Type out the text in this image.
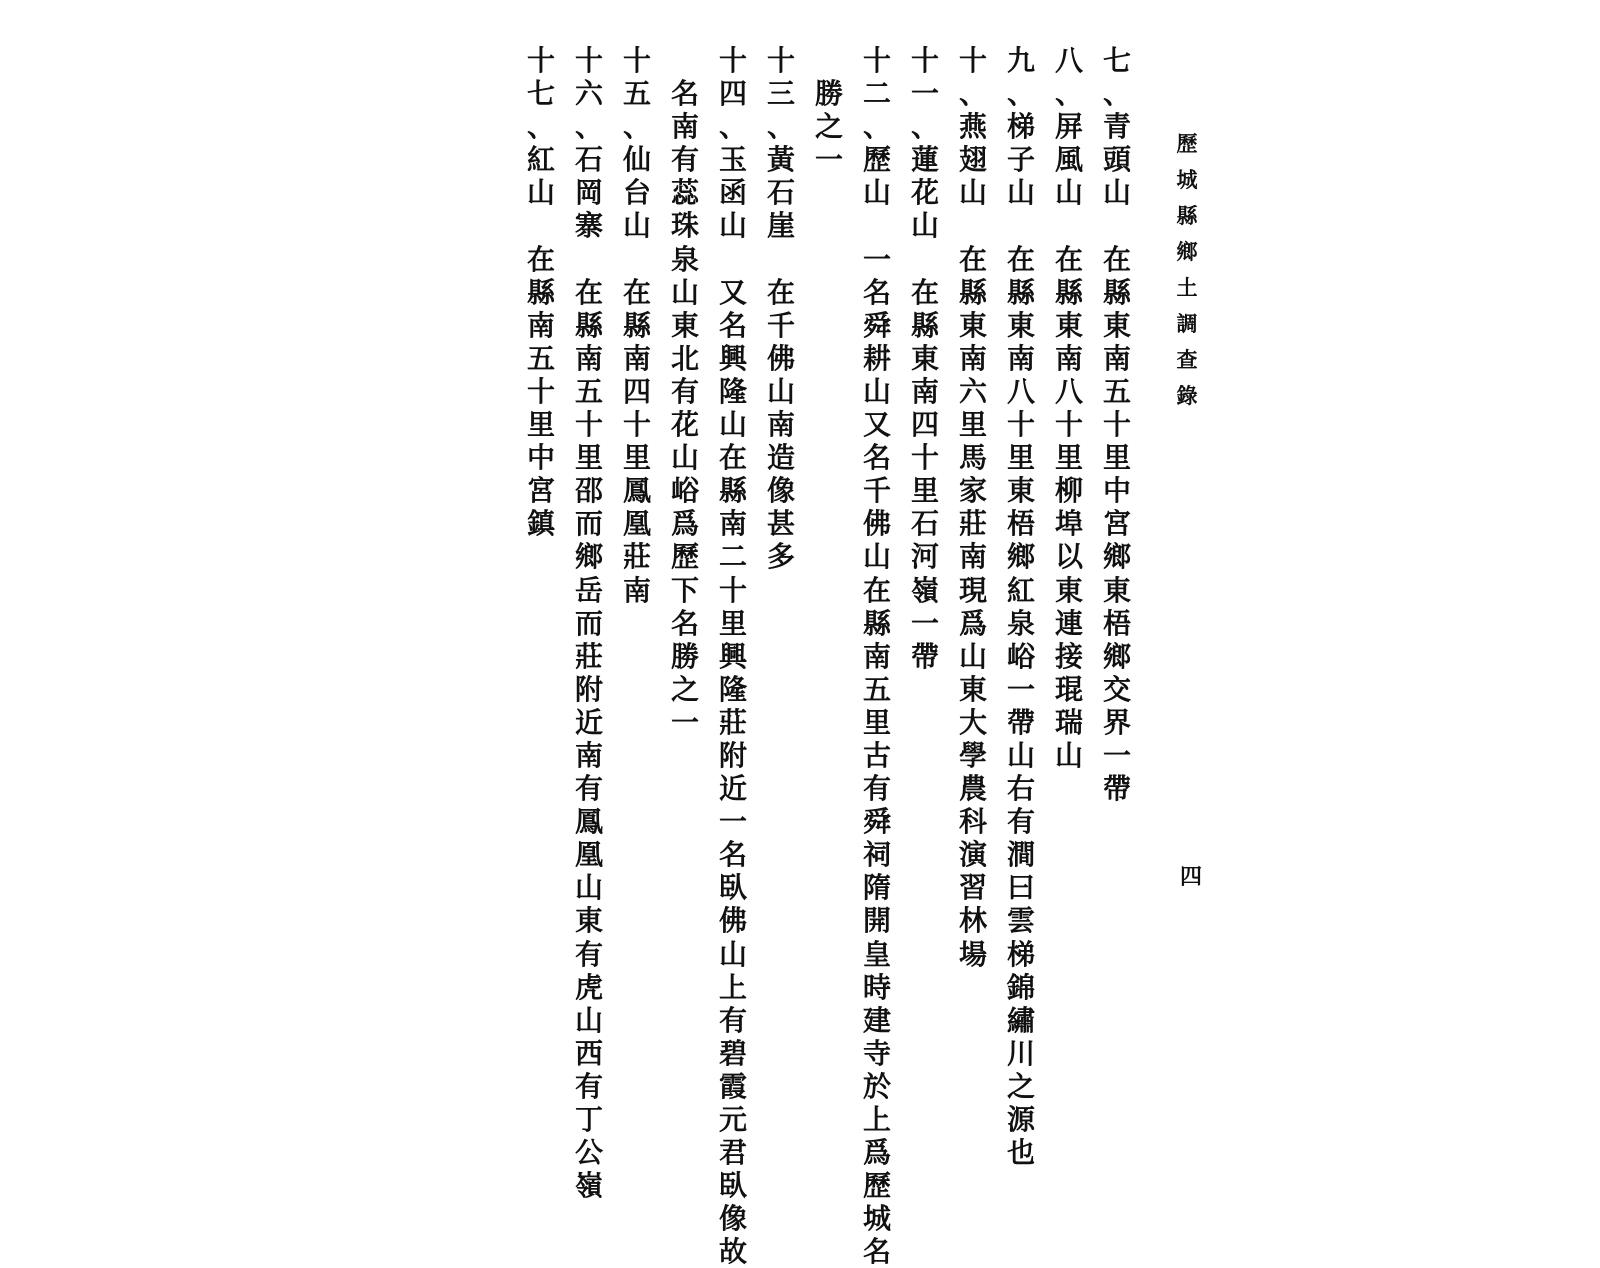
歷
城
縣
鄉
土
調
查
錄
四
七
、
青
頭
山
在
縣
東
南
五
十
里
中
宮
鄉
東
梧
鄉
交
界
一
帶
八
、
屏
風
山
在
縣
東
南
八
十
里
柳
埠
以
東
連
接
琨
瑞
山
九
、
梯
子
山
在
縣
東
南
八
十
里
東
梧
鄉
紅
泉
峪
一
帶
山
右
有
澗
曰
雲
梯
錦
繡
川
之
源
也
十
、
燕
翅
山
在
縣
東
南
六
里
馬
家
莊
南
現
爲
山
東
大
學
農
科
演
習
林
場
十
一
、
蓮
花
山
在
縣
東
南
四
十
里
石
河
嶺
一
帶
十
二
、
歷
山
一
名
舜
耕
山
又
名
千
佛
山
在
縣
南
五
里
古
有
舜
祠
隋
開
皇
時
建
寺
於
上
爲
歷
城
名
勝
之
一
十
三
、
黃
石
崖
在
千
佛
山
南
造
像
甚
多
十
四
、
玉
函
山
又
名
興
隆
山
在
縣
南
二
十
里
興
隆
莊
附
近
一
名
臥
佛
山
上
有
碧
霞
元
君
臥
像
故
名
南
有
蕊
珠
泉
山
東
北
有
花
山
峪
爲
歷
下
名
勝
之
一
十
五
、
仙
台
山
在
縣
南
四
十
里
鳳
凰
莊
南
十
六
、
石
岡
寨
在
縣
南
五
十
里
邵
而
鄉
岳
而
莊
附
近
南
有
鳳
凰
山
東
有
虎
山
西
有
丁
公
嶺
十
七
、
紅
山
在
縣
南
五
十
里
中
宮
鎮
